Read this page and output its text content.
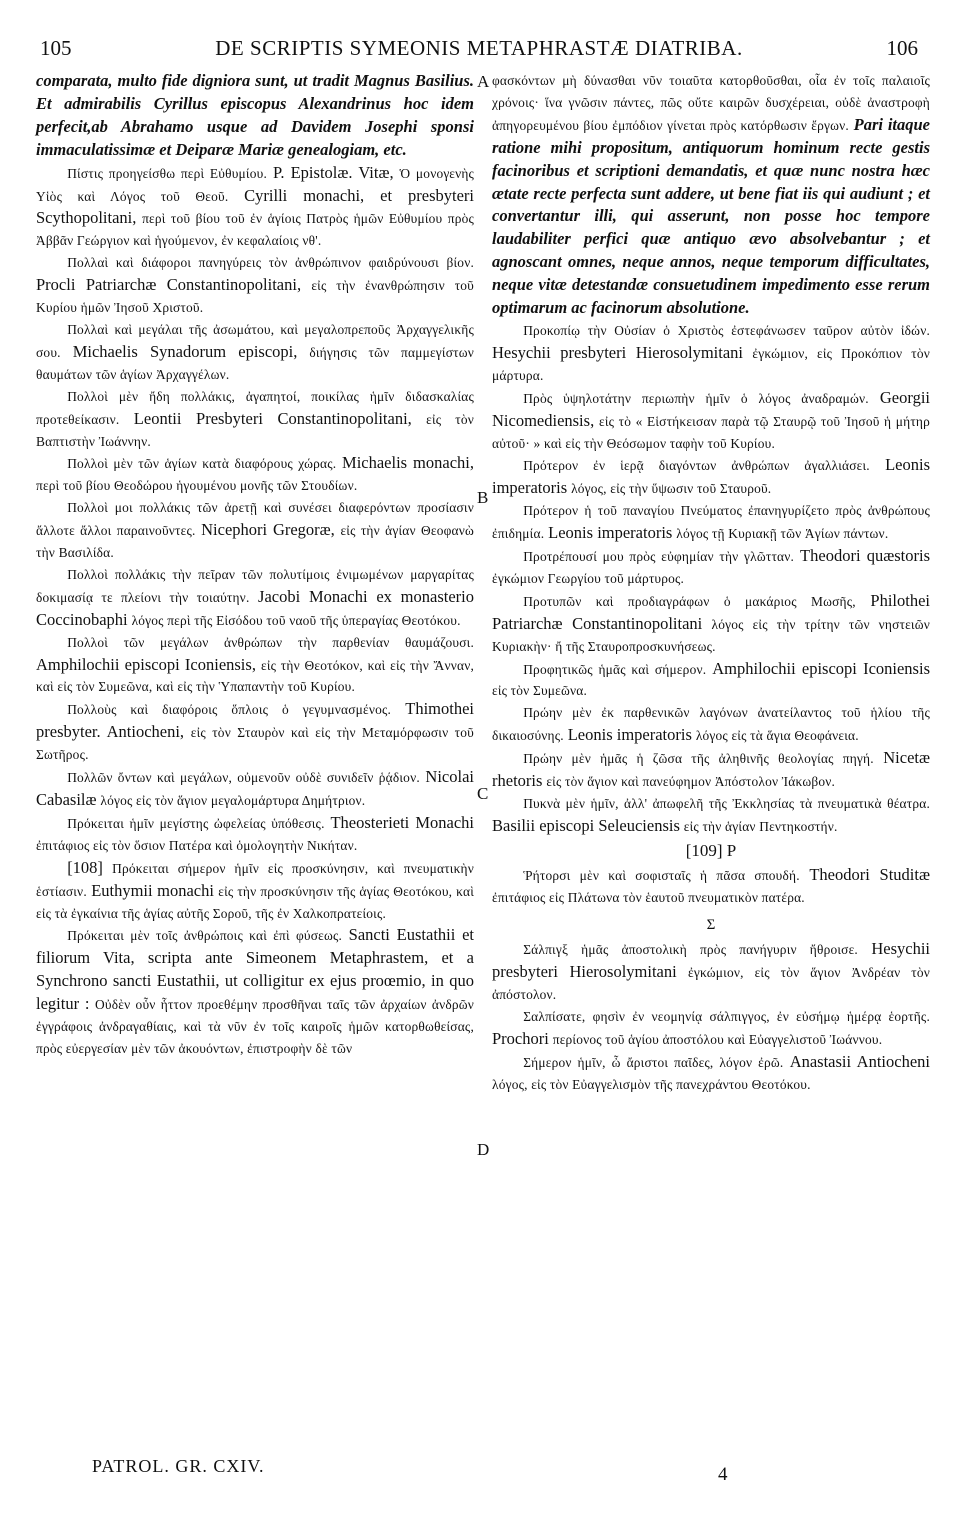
105	DE SCRIPTIS SYMEONIS METAPHRASTÆ DIATRIBA.	106
A
B
C
D

comparata, multo fide digniora sunt, ut tradit Magnus Basilius. Et admirabilis Cyrillus episcopus Alexandrinus hoc idem perfecit,ab Abrahamo usque ad Davidem Josephi sponsi immaculatissimæ et Deiparæ Mariæ genealogiam, etc.

Πίστις προηγείσθω περὶ Εὐθυμίου. P. Epistolæ. Vitæ, Ὁ μονογενὴς Υἱὸς καὶ Λόγος τοῦ Θεοῦ. Cyrilli monachi, et presbyteri Scythopolitani, περὶ τοῦ βίου τοῦ ἐν ἁγίοις Πατρὸς ἡμῶν Εὐθυμίου πρὸς Ἀββᾶν Γεώργιον καὶ ἡγούμενον, ἐν κεφαλαίοις νθ'.

Πολλαὶ καὶ διάφοροι πανηγύρεις τὸν ἀνθρώπινον φαιδρύνουσι βίον. Procli Patriarchæ Constantinopolitani, εἰς τὴν ἐνανθρώπησιν τοῦ Κυρίου ἡμῶν Ἰησοῦ Χριστοῦ.

Πολλαὶ καὶ μεγάλαι τῆς ἀσωμάτου, καὶ μεγαλοπρεποῦς Ἀρχαγγελικῆς σου. Michaelis Synadorum episcopi, διήγησις τῶν παμμεγίστων θαυμάτων τῶν ἁγίων Ἀρχαγγέλων.

Πολλοὶ μὲν ἤδη πολλάκις, ἀγαπητοί, ποικίλας ἡμῖν διδασκαλίας προτεθείκασιν. Leontii Presbyteri Constantinopolitani, εἰς τὸν Βαπτιστὴν Ἰωάννην.

Πολλοὶ μὲν τῶν ἁγίων κατὰ διαφόρους χώρας. Michaelis monachi, περὶ τοῦ βίου Θεοδώρου ἡγουμένου μονῆς τῶν Στουδίων.

Πολλοὶ μοι πολλάκις τῶν ἀρετῇ καὶ συνέσει διαφερόντων προσίασιν ἄλλοτε ἄλλοι παραινοῦντες. Nicephori Gregoræ, εἰς τὴν ἁγίαν Θεοφανὼ τὴν Βασιλίδα.

Πολλοὶ πολλάκις τὴν πεῖραν τῶν πολυτίμοις ἐνιμωμένων μαργαρίτας δοκιμασίᾳ τε πλείονι τὴν τοιαύτην. Jacobi Monachi ex monasterio Coccinobaphi λόγος περὶ τῆς Εἰσόδου τοῦ ναοῦ τῆς ὑπεραγίας Θεοτόκου.

Πολλοὶ τῶν μεγάλων ἀνθρώπων τὴν παρθενίαν θαυμάζουσι. Amphilochii episcopi Iconiensis, εἰς τὴν Θεοτόκον, καὶ εἰς τὴν Ἄνναν, καὶ εἰς τὸν Συμεῶνα, καὶ εἰς τὴν Ὑπαπαντὴν τοῦ Κυρίου.

Πολλοὺς καὶ διαφόροις ὅπλοις ὁ γεγυμνασμένος. Thimothei presbyter. Antiocheni, εἰς τὸν Σταυρὸν καὶ εἰς τὴν Μεταμόρφωσιν τοῦ Σωτῆρος.

Πολλῶν ὄντων καὶ μεγάλων, οὐμενοῦν οὐδὲ συνιδεῖν ῥᾴδιον. Nicolai Cabasilæ λόγος εἰς τὸν ἅγιον μεγαλομάρτυρα Δημήτριον.

Πρόκειται ἡμῖν μεγίστης ὠφελείας ὑπόθεσις. Theosterieti Monachi ἐπιτάφιος εἰς τὸν ὅσιον Πατέρα καὶ ὁμολογητὴν Νικήταν.

[108] Πρόκειται σήμερον ἡμῖν εἰς προσκύνησιν, καὶ πνευματικὴν ἑστίασιν. Euthymii monachi εἰς τὴν προσκύνησιν τῆς ἁγίας Θεοτόκου, καὶ εἰς τὰ ἐγκαίνια τῆς ἁγίας αὐτῆς Σοροῦ, τῆς ἐν Χαλκοπρατείοις.

Πρόκειται μὲν τοῖς ἀνθρώποις καὶ ἐπὶ φύσεως. Sancti Eustathii et filiorum Vita, scripta ante Simeonem Metaphrastem, et a Synchrono sancti Eustathii, ut colligitur ex ejus proœmio, in quo legitur : Οὐδὲν οὖν ἧττον προεθέμην προσθῆναι ταῖς τῶν ἀρχαίων ἀνδρῶν ἐγγράφοις ἀνδραγαθίαις, καὶ τὰ νῦν ἐν τοῖς καιροῖς ἡμῶν κατορθωθείσας, πρὸς εὐεργεσίαν μὲν τῶν ἀκουόντων, ἐπιστροφὴν δὲ τῶν

φασκόντων μὴ δύνασθαι νῦν τοιαῦτα κατορθοῦσθαι, οἷα ἐν τοῖς παλαιοῖς χρόνοις· ἵνα γνῶσιν πάντες, πῶς οὔτε καιρῶν δυσχέρειαι, οὐδὲ ἀναστροφὴ ἀπηγορευμένου βίου ἐμπόδιον γίνεται πρὸς κατόρθωσιν ἔργων. Pari itaque ratione mihi propositum, antiquorum hominum recte gestis facinoribus et scriptioni demandatis, et quæ nunc nostra hæc ætate recte perfecta sunt addere, ut bene fiat iis qui audiunt ; et convertantur illi, qui asserunt, non posse hoc tempore laudabiliter perfici quæ antiquo ævo absolvebantur ; et agnoscant omnes, neque annos, neque temporum difficultates, neque vitæ detestandæ consuetudinem impedimento esse rerum optimarum ac facinorum absolutione.

Προκοπίῳ τὴν Οὐσίαν ὁ Χριστὸς ἐστεφάνωσεν ταῦρον αὐτὸν ἰδών. Hesychii presbyteri Hierosolymitani ἐγκώμιον, εἰς Προκόπιον τὸν μάρτυρα.

Πρὸς ὑψηλοτάτην περιωπὴν ἡμῖν ὁ λόγος ἀναδραμών. Georgii Nicomediensis, εἰς τὸ « Εἱστήκεισαν παρὰ τῷ Σταυρῷ τοῦ Ἰησοῦ ἡ μήτηρ αὐτοῦ· » καὶ εἰς τὴν Θεόσωμον ταφὴν τοῦ Κυρίου.

Πρότερον ἐν ἱερᾷ διαγόντων ἀνθρώπων ἀγαλλιάσει. Leonis imperatoris λόγος, εἰς τὴν ὕψωσιν τοῦ Σταυροῦ.

Πρότερον ἡ τοῦ παναγίου Πνεύματος ἐπανηγυρίζετο πρὸς ἀνθρώπους ἐπιδημία. Leonis imperatoris λόγος τῇ Κυριακῇ τῶν Ἁγίων πάντων.

Προτρέπουσί μου πρὸς εὐφημίαν τὴν γλῶτταν. Theodori quæstoris ἐγκώμιον Γεωργίου τοῦ μάρτυρος.

Προτυπῶν καὶ προδιαγράφων ὁ μακάριος Μωσῆς, Philothei Patriarchæ Constantinopolitani λόγος εἰς τὴν τρίτην τῶν νηστειῶν Κυριακὴν· ἤ τῆς Σταυροπροσκυνήσεως.

Προφητικῶς ἡμᾶς καὶ σήμερον. Amphilochii episcopi Iconiensis εἰς τὸν Συμεῶνα.

Πρώην μὲν ἐκ παρθενικῶν λαγόνων ἀνατείλαντος τοῦ ἡλίου τῆς δικαιοσύνης. Leonis imperatoris λόγος εἰς τὰ ἅγια Θεοφάνεια.

Πρώην μὲν ἡμᾶς ἡ ζῶσα τῆς ἀληθινῆς θεολογίας πηγή. Nicetæ rhetoris εἰς τὸν ἅγιον καὶ πανεύφημον Ἀπόστολον Ἰάκωβον.

Πυκνὰ μὲν ἡμῖν, ἀλλ' ἀπωφελῆ τῆς Ἐκκλησίας τὰ πνευματικὰ θέατρα. Basilii episcopi Seleuciensis εἰς τὴν ἁγίαν Πεντηκοστήν.

[109] P

Ῥήτορσι μὲν καὶ σοφισταῖς ἡ πᾶσα σπουδή. Theodori Studitæ ἐπιτάφιος εἰς Πλάτωνα τὸν ἑαυτοῦ πνευματικὸν πατέρα.

Σ

Σάλπιγξ ἡμᾶς ἀποστολικὴ πρὸς πανήγυριν ἤθροισε. Hesychii presbyteri Hierosolymitani ἐγκώμιον, εἰς τὸν ἅγιον Ἀνδρέαν τὸν ἀπόστολον.

Σαλπίσατε, φησὶν ἐν νεομηνίᾳ σάλπιγγος, ἐν εὐσήμῳ ἡμέρᾳ ἑορτῆς. Prochori περίονος τοῦ ἁγίου ἀποστόλου καὶ Εὐαγγελιστοῦ Ἰωάννου.

Σήμερον ἡμῖν, ὦ ἄριστοι παῖδες, λόγον ἐρῶ. Anastasii Antiocheni λόγος, εἰς τὸν Εὐαγγελισμὸν τῆς πανεχράντου Θεοτόκου.

PATROL. GR. CXIV.	4
